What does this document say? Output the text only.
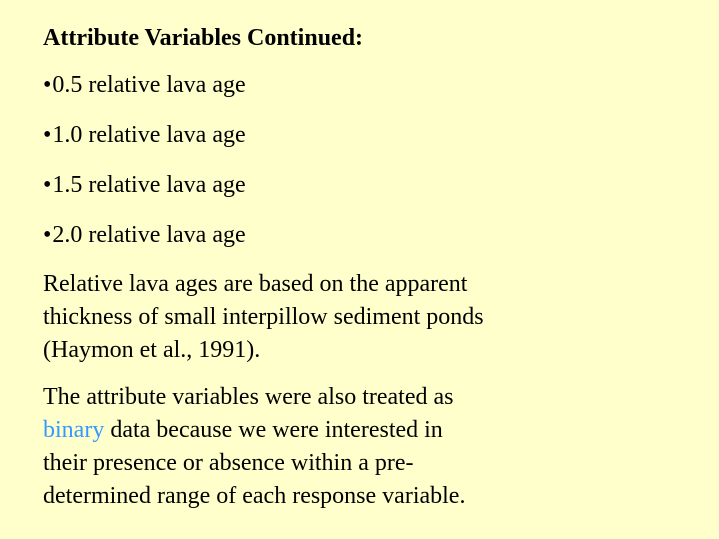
Attribute Variables Continued:
•0.5 relative lava age
•1.0 relative lava age
•1.5 relative lava age
•2.0 relative lava age

Relative lava ages are based on the apparent
thickness of small interpillow sediment ponds
(Haymon et al., 1991).

The attribute variables were also treated as
binary data because we were interested in
their presence or absence within a pre-
determined range of each response variable.
